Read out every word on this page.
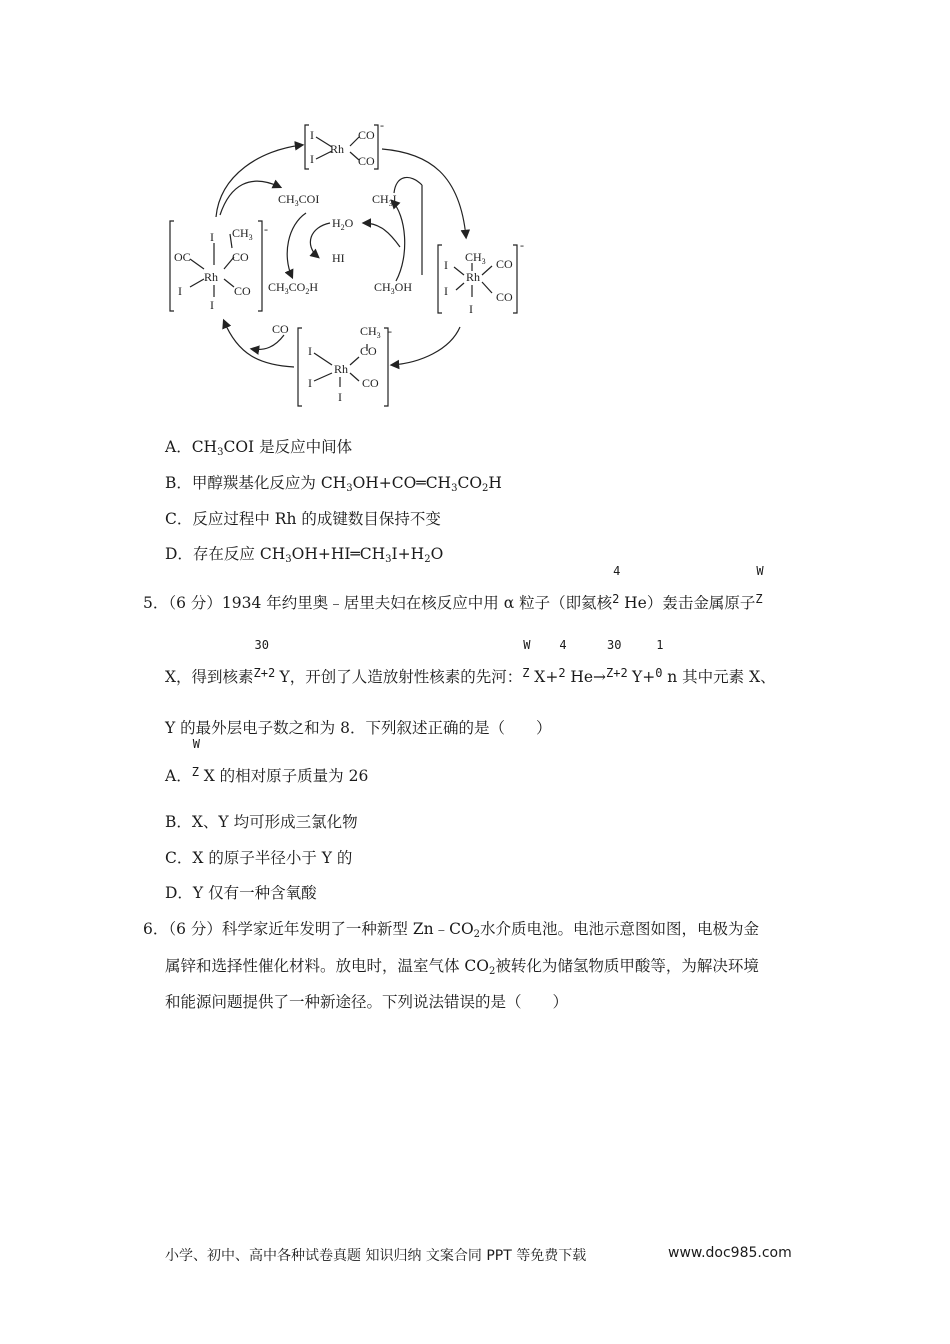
I
I
Rh
CO
CO
-
$CH_3$
I
Rh
CO
I	CO
I
-
$CH_3$
CO
I
Rh
I	CO
I
-
I $CH_3$
CO
OC
Rh
I	CO
I
-
$CH_3COI$	$CH_3I$
$H_2O$
HI
$CH_3CO_2H$	$CH_3OH$
CO
A．$CH_3COI$ 是反应中间体
B．甲醇羰基化反应为 $CH_3OH+CO═CH_3CO_2H$
C．反应过程中 Rh 的成键数目保持不变
D．存在反应 $CH_3OH+HI═CH_3I+H_2O$
5．（6 分）1934 年约里奥﹣居里夫妇在核反应中用 α 粒子（即氦核
4
2 He）轰击金属原子
W
Z
X，得到核素
30
Z+2 Y，开创了人造放射性核素的先河：
W
Z X+
4
2 He→
30
Z+2 Y+
1
0 n 其中元素 X、
Y 的最外层电子数之和为 8．下列叙述正确的是（　　）
A．
W
Z X 的相对原子质量为 26
B．X、Y 均可形成三氯化物
C．X 的原子半径小于 Y 的
D．Y 仅有一种含氧酸
6．（6 分）科学家近年发明了一种新型 $Zn﹣CO_2$水介质电池。电池示意图如图，电极为金
属锌和选择性催化材料。放电时，温室气体 $CO_2$被转化为储氢物质甲酸等，为解决环境
和能源问题提供了一种新途径。下列说法错误的是（　　）
小学、初中、高中各种试卷真题 知识归纳 文案合同 PPT 等免费下载	www.doc985.com
